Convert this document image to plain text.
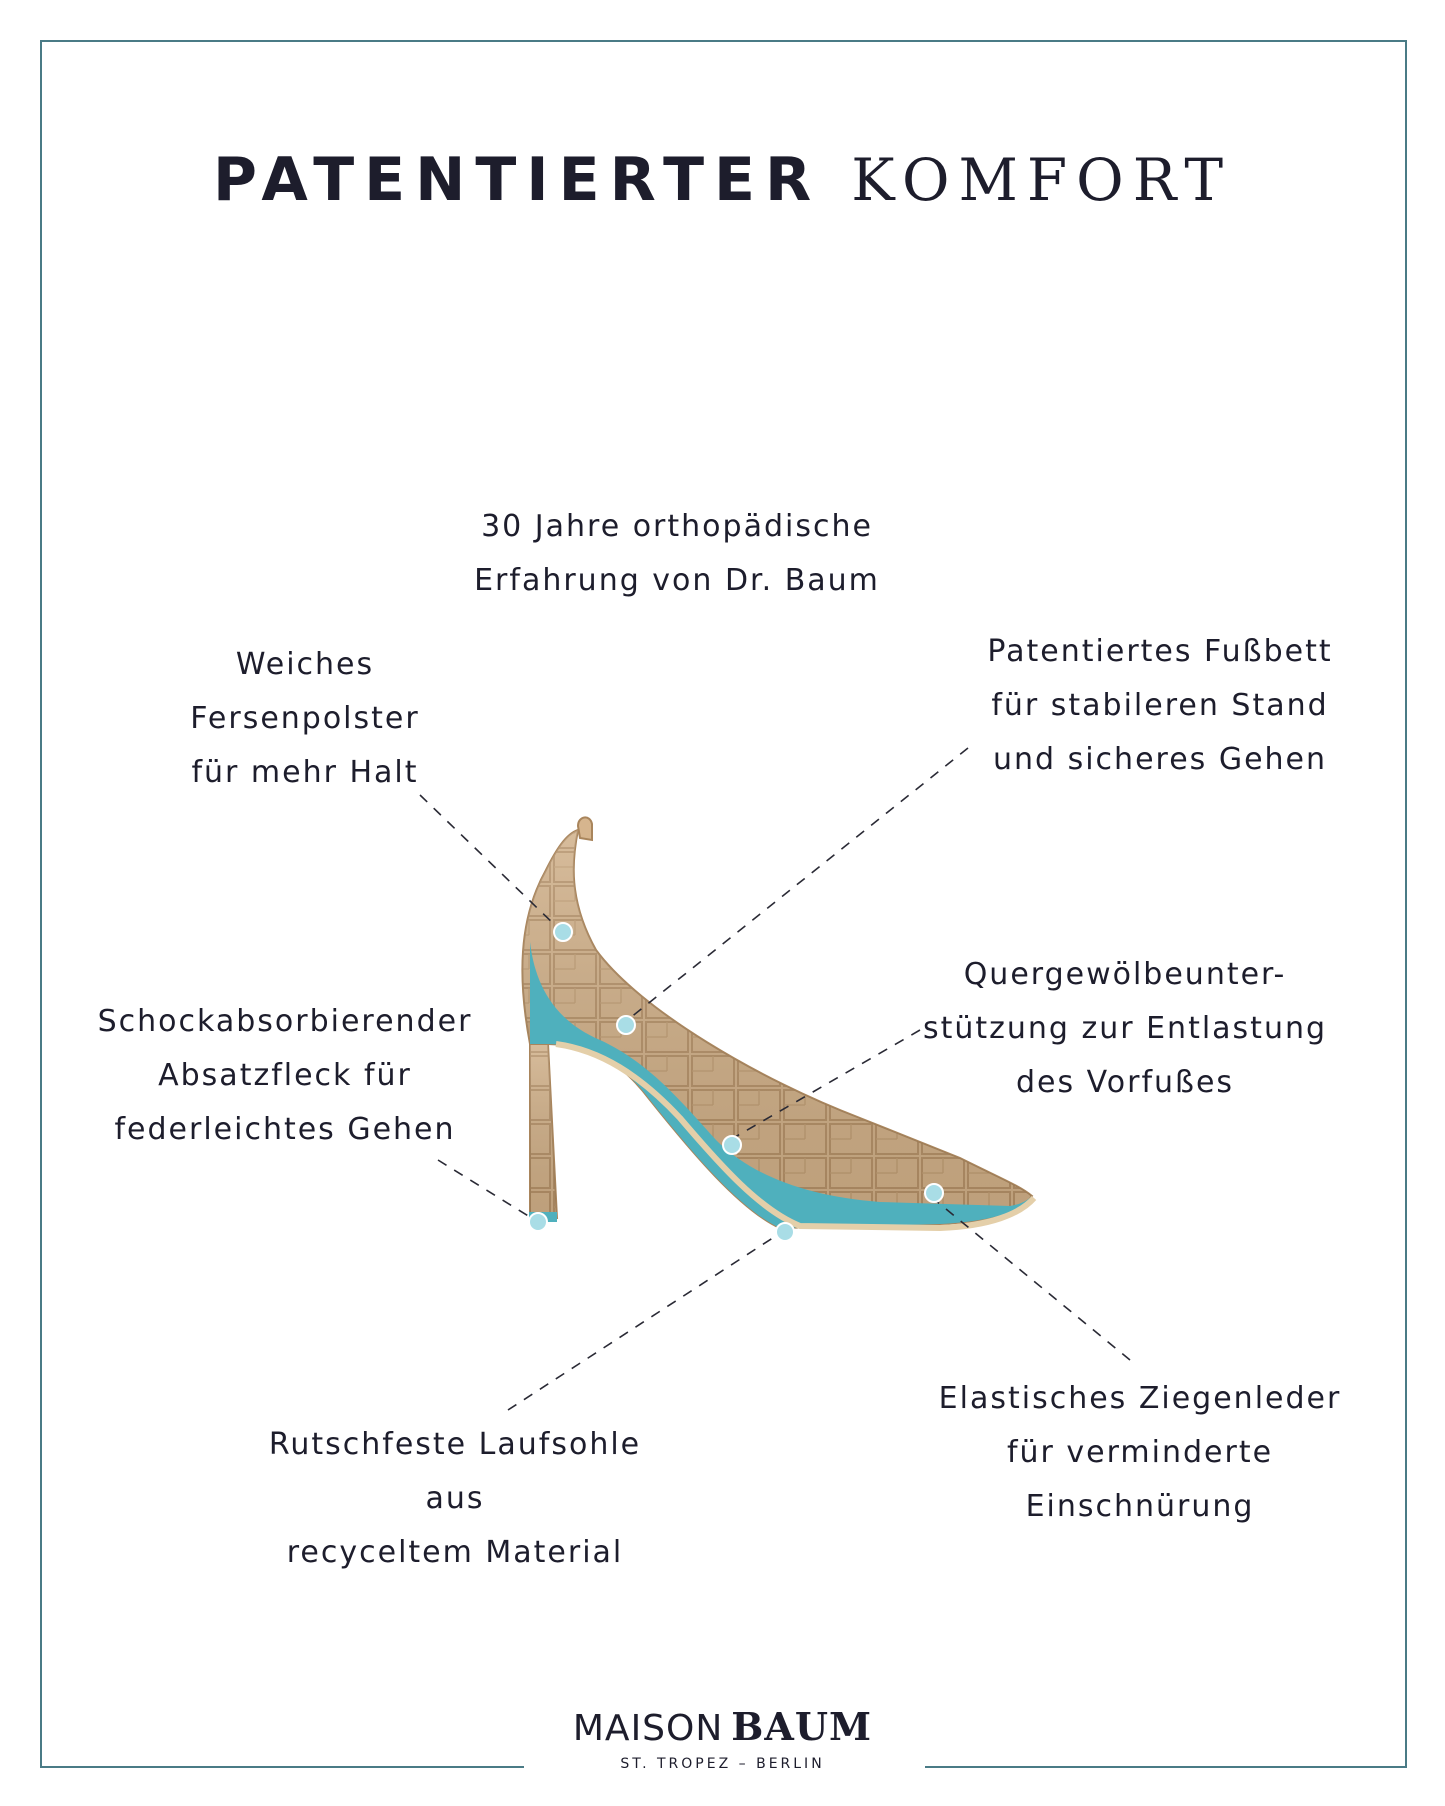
PATENTIERTER KOMFORT
30 Jahre orthopädische
Erfahrung von Dr. Baum
Weiches
Fersenpolster
für mehr Halt
Patentiertes Fußbett
für stabileren Stand
und sicheres Gehen
Quergewölbeunter-
stützung zur Entlastung
des Vorfußes
Schockabsorbierender
Absatzfleck für
federleichtes Gehen
Rutschfeste Laufsohle
aus
recyceltem Material
Elastisches Ziegenleder
für verminderte
Einschnürung
MAISON BAUM
ST. TROPEZ – BERLIN
